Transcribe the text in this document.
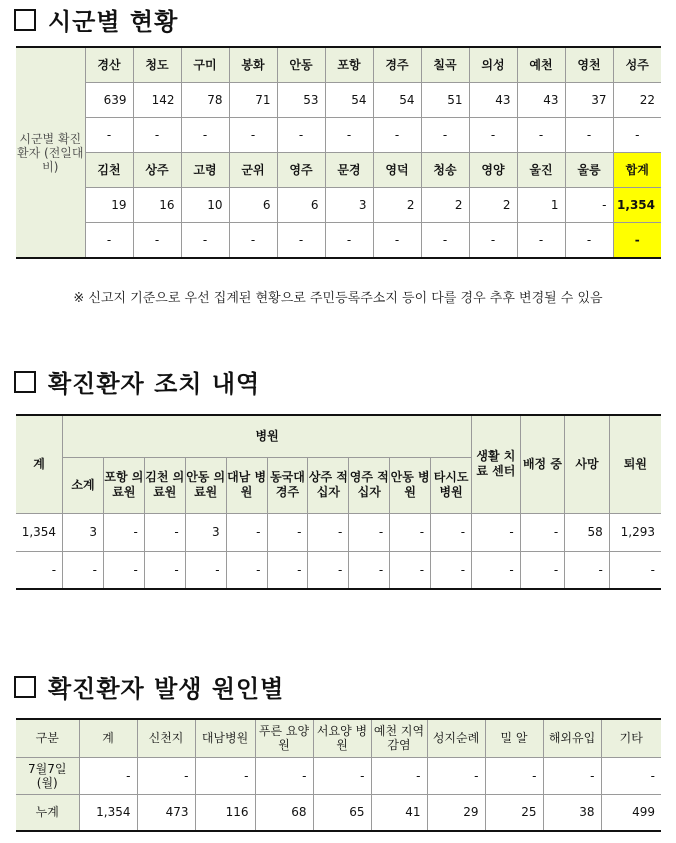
시군별 현황
시군별 확진환자 (전일대비)	경산	청도	구미	봉화	안동	포항	경주	칠곡	의성	예천	영천	성주
	639	142	78	71	53	54	54	51	43	43	37	22
	-	-	-	-	-	-	-	-	-	-	-	-
	김천	상주	고령	군위	영주	문경	영덕	청송	영양	울진	울릉	합계
	19	16	10	6	6	3	2	2	2	1	-	1,354
	-	-	-	-	-	-	-	-	-	-	-	-
※ 신고지 기준으로 우선 집계된 현황으로 주민등록주소지 등이 다를 경우 추후 변경될 수 있음
확진환자 조치 내역
계	병원										생활 치료 센터	배정 중	사망	퇴원
	소계	포항 의료원	김천 의료원	안동 의료원	대남 병원	동국대 경주	상주 적십자	영주 적십자	안동 병원	타시도 병원				
1,354	3	-	-	3	-	-	-	-	-	-	-	-	58	1,293
-	-	-	-	-	-	-	-	-	-	-	-	-	-	-
확진환자 발생 원인별
구분	계	신천지	대남병원	푸른 요양원	서요양 병원	예천 지역감염	성지순례	밀 알	해외유입	기타
7월7일 (월)	-	-	-	-	-	-	-	-	-	-
누계	1,354	473	116	68	65	41	29	25	38	499
